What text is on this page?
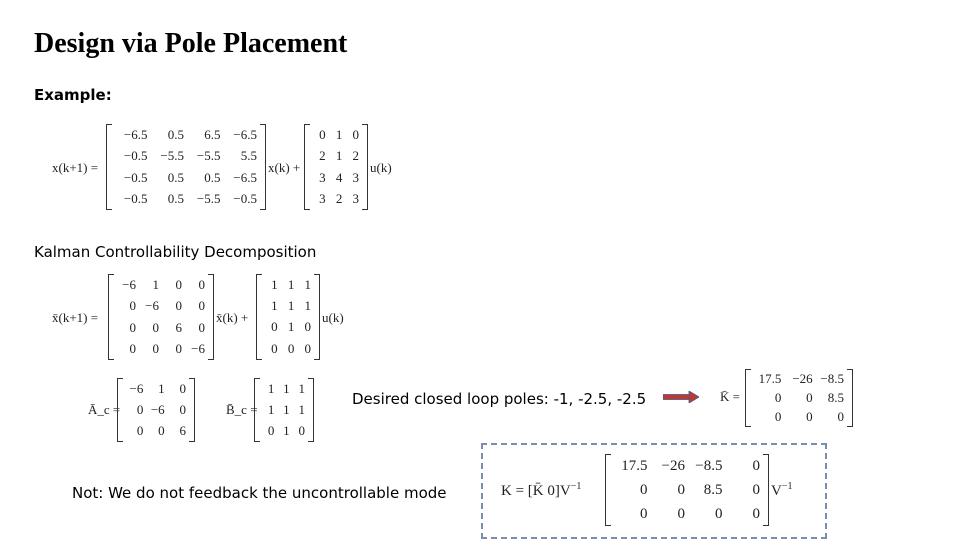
Design via Pole Placement
Example:
x(k+1) =
−6.5	0.5	6.5 −6.5
−0.5 −5.5 −5.5	5.5
−0.5	0.5	0.5 −6.5
−0.5	0.5 −5.5 −0.5
x(k) +
0 1 0
2 1 2
3 4 3
3 2 3
u(k)
Kalman Controllability Decomposition
x̄(k+1) =
−6	1	0	0
0 −6	0	0
0	0	6	0
0	0	0 −6
x̄(k) +
1 1 1
1 1 1
0 1 0
0 0 0
u(k)
Ā_c =
−6	1	0
0 −6	0
0	0	6
B̄_c =
1 1 1
1 1 1
0 1 0
Desired closed loop poles: -1, -2.5, -2.5	K̄ =
17.5 −26 −8.5
0	0	8.5
0	0	0
Not: We do not feedback the uncontrollable mode	K = [K̄ $0]V^{-1}$
17.5 −26 −8.5	0
0	0	8.5	0
0	0	0	0
$V^{-1}$
